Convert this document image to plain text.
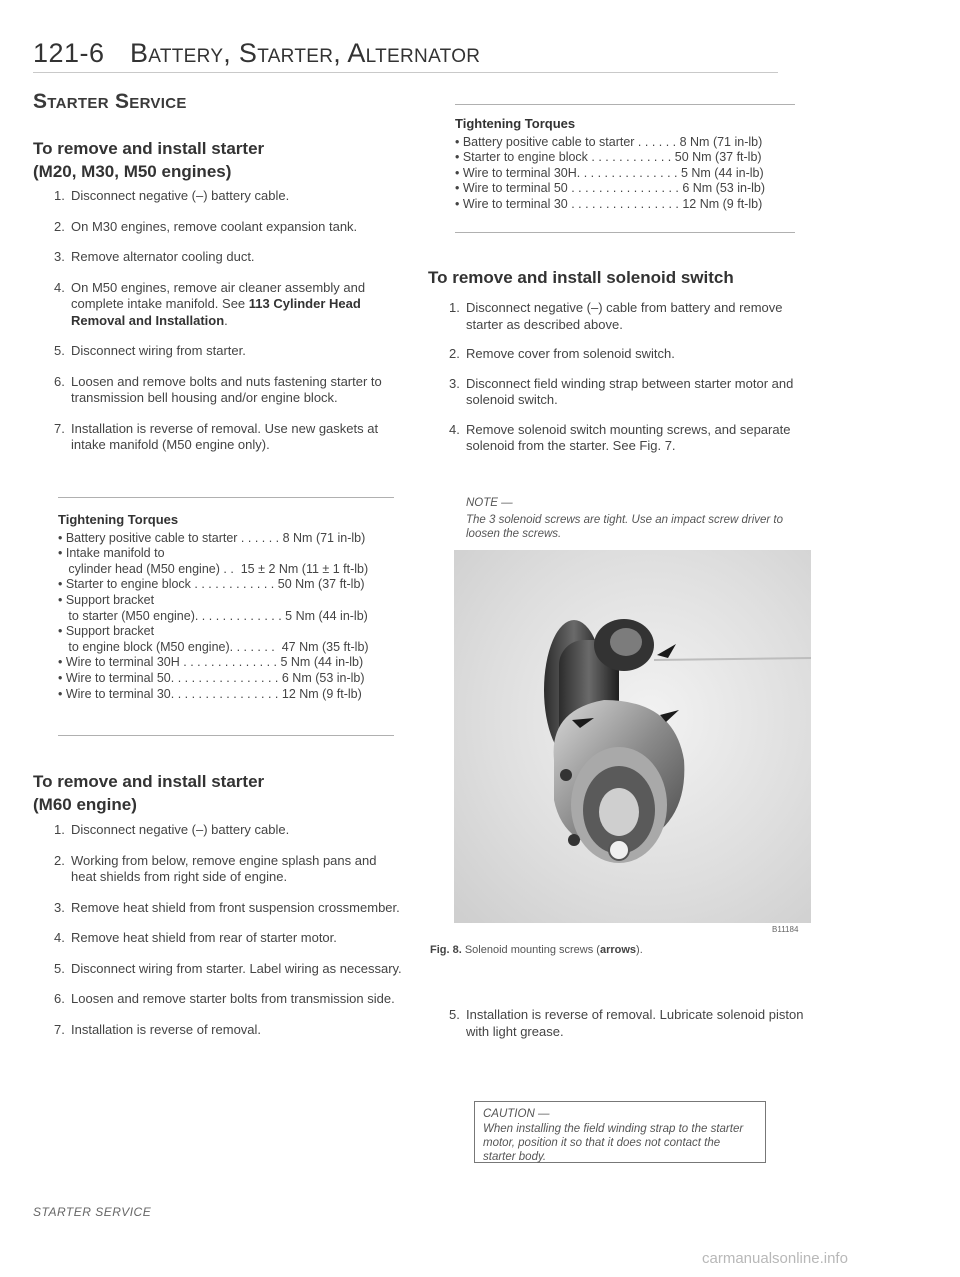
121-6 Battery, Starter, Alternator
Starter Service
To remove and install starter
(M20, M30, M50 engines)
1. Disconnect negative (–) battery cable.
2. On M30 engines, remove coolant expansion tank.
3. Remove alternator cooling duct.
4. On M50 engines, remove air cleaner assembly and complete intake manifold. See 113 Cylinder Head Removal and Installation.
5. Disconnect wiring from starter.
6. Loosen and remove bolts and nuts fastening starter to transmission bell housing and/or engine block.
7. Installation is reverse of removal. Use new gaskets at intake manifold (M50 engine only).
Tightening Torques
• Battery positive cable to starter . . . . . . 8 Nm (71 in-lb)
• Intake manifold to
cylinder head (M50 engine) . .  15 ± 2 Nm (11 ± 1 ft-lb)
• Starter to engine block . . . . . . . . . . . . 50 Nm (37 ft-lb)
• Support bracket
to starter (M50 engine). . . . . . . . . . . . . 5 Nm (44 in-lb)
• Support bracket
to engine block (M50 engine). . . . . . .  47 Nm (35 ft-lb)
• Wire to terminal 30H . . . . . . . . . . . . . . 5 Nm (44 in-lb)
• Wire to terminal 50. . . . . . . . . . . . . . . . 6 Nm (53 in-lb)
• Wire to terminal 30. . . . . . . . . . . . . . . . 12 Nm (9 ft-lb)
To remove and install starter
(M60 engine)
1. Disconnect negative (–) battery cable.
2. Working from below, remove engine splash pans and heat shields from right side of engine.
3. Remove heat shield from front suspension crossmember.
4. Remove heat shield from rear of starter motor.
5. Disconnect wiring from starter. Label wiring as necessary.
6. Loosen and remove starter bolts from transmission side.
7. Installation is reverse of removal.
Tightening Torques
• Battery positive cable to starter . . . . . . 8 Nm (71 in-lb)
• Starter to engine block . . . . . . . . . . . . 50 Nm (37 ft-lb)
• Wire to terminal 30H. . . . . . . . . . . . . . . 5 Nm (44 in-lb)
• Wire to terminal 50 . . . . . . . . . . . . . . . . 6 Nm (53 in-lb)
• Wire to terminal 30 . . . . . . . . . . . . . . . . 12 Nm (9 ft-lb)
To remove and install solenoid switch
1. Disconnect negative (–) cable from battery and remove starter as described above.
2. Remove cover from solenoid switch.
3. Disconnect field winding strap between starter motor and solenoid switch.
4. Remove solenoid switch mounting screws, and separate solenoid from the starter. See Fig. 7.
NOTE —
The 3 solenoid screws are tight. Use an impact screw driver to loosen the screws.
B11184
Fig. 8. Solenoid mounting screws (arrows).
5. Installation is reverse of removal. Lubricate solenoid piston with light grease.
CAUTION —
When installing the field winding strap to the starter motor, position it so that it does not contact the starter body.
STARTER SERVICE
carmanualsonline.info
